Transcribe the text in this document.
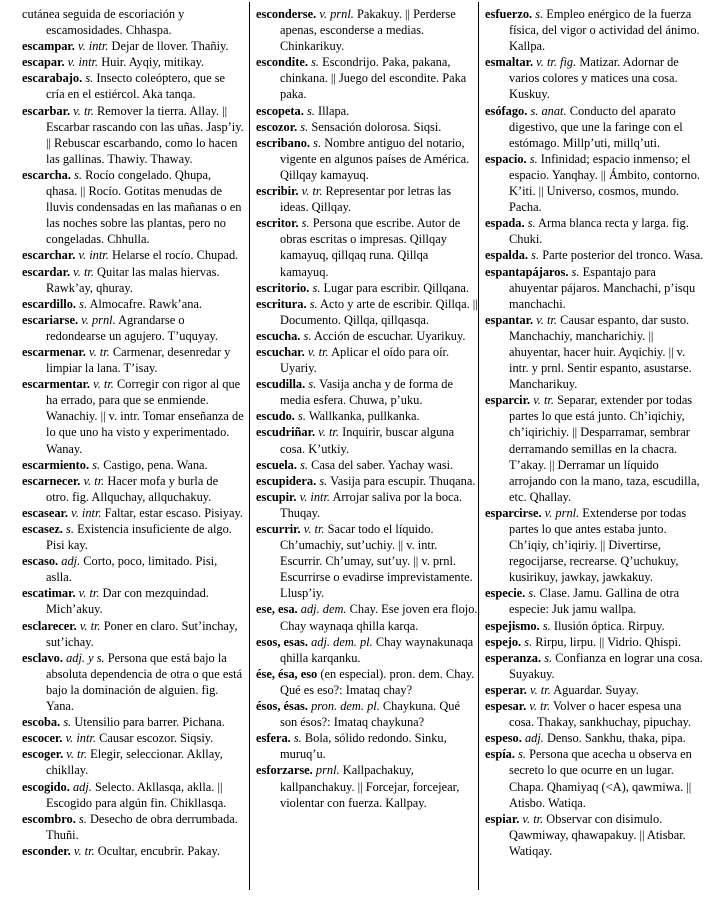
cutánea seguida de escoriación y escamosidades. Chhaspa.

escampar. v. intr. Dejar de llover. Thañiy.

escapar. v. intr. Huir. Ayqiy, mitikay.

escarabajo. s. Insecto coleóptero, que se cría en el estiércol. Aka tanqa.

escarbar. v. tr. Remover la tierra. Allay. || Escarbar rascando con las uñas. Jasp’iy. || Rebuscar escarbando, como lo hacen las gallinas. Thawiy. Thaway.

escarcha. s. Rocío congelado. Qhupa, qhasa. || Rocío. Gotitas menudas de lluvis condensadas en las mañanas o en las noches sobre las plantas, pero no congeladas. Chhulla.

escarchar. v. intr. Helarse el rocío. Chupad.

escardar. v. tr. Quitar las malas hiervas. Rawk’ay, qhuray.

escardillo. s. Almocafre. Rawk’ana.

escariarse. v. prnl. Agrandarse o redondearse un agujero. T’uquyay.

escarmenar. v. tr. Carmenar, desenredar y limpiar la lana. T’isay.

escarmentar. v. tr. Corregir con rigor al que ha errado, para que se enmiende. Wanachiy. || v. intr. Tomar enseñanza de lo que uno ha visto y experimentado. Wanay.

escarmiento. s. Castigo, pena. Wana.

escarnecer. v. tr. Hacer mofa y burla de otro. fig. Allquchay, allquchakuy.

escasear. v. intr. Faltar, estar escaso. Pisiyay.

escasez. s. Existencia insuficiente de algo. Pisi kay.

escaso. adj. Corto, poco, limitado. Pisi, aslla.

escatimar. v. tr. Dar con mezquindad. Mich’akuy.

esclarecer. v. tr. Poner en claro. Sut’inchay, sut’ichay.

esclavo. adj. y s. Persona que está bajo la absoluta dependencia de otra o que está bajo la dominación de alguien. fig. Yana.

escoba. s. Utensilio para barrer. Pichana.

escocer. v. intr. Causar escozor. Siqsiy.

escoger. v. tr. Elegir, seleccionar. Akllay, chikllay.

escogido. adj. Selecto. Akllasqa, aklla. || Escogido para algún fin. Chikllasqa.

escombro. s. Desecho de obra derrumbada. Thuñi.

esconder. v. tr. Ocultar, encubrir. Pakay.

esconderse. v. prnl. Pakakuy. || Perderse apenas, esconderse a medias. Chinkarikuy.

escondite. s. Escondrijo. Paka, pakana, chinkana. || Juego del escondite. Paka paka.

escopeta. s. Illapa.

escozor. s. Sensación dolorosa. Siqsi.

escribano. s. Nombre antiguo del notario, vigente en algunos países de América. Qillqay kamayuq.

escribir. v. tr. Representar por letras las ideas. Qillqay.

escritor. s. Persona que escribe. Autor de obras escritas o impresas. Qillqay kamayuq, qillqaq runa. Qillqa kamayuq.

escritorio. s. Lugar para escribir. Qillqana.

escritura. s. Acto y arte de escribir. Qillqa. || Documento. Qillqa, qillqasqa.

escucha. s. Acción de escuchar. Uyarikuy.

escuchar. v. tr. Aplicar el oído para oír. Uyariy.

escudilla. s. Vasija ancha y de forma de media esfera. Chuwa, p’uku.

escudo. s. Wallkanka, pullkanka.

escudriñar. v. tr. Inquirir, buscar alguna cosa. K’utkiy.

escuela. s. Casa del saber. Yachay wasi.

escupidera. s. Vasija para escupir. Thuqana.

escupir. v. intr. Arrojar saliva por la boca. Thuqay.

escurrir. v. tr. Sacar todo el líquido. Ch’umachiy, sut’uchiy. || v. intr. Escurrir. Ch’umay, sut’uy. || v. prnl. Escurrirse o evadirse imprevistamente. Llusp’iy.

ese, esa. adj. dem. Chay. Ese joven era flojo. Chay waynaqa qhilla karqa.

esos, esas. adj. dem. pl. Chay waynakunaqa qhilla karqanku.

ése, ésa, eso (en especial). pron. dem. Chay. Qué es eso?: Imataq chay?

ésos, ésas. pron. dem. pl. Chaykuna. Qué son ésos?: Imataq chaykuna?

esfera. s. Bola, sólido redondo. Sinku, muruq’u.

esforzarse. prnl. Kallpachakuy, kallpanchakuy. || Forcejar, forcejear, violentar con fuerza. Kallpay.

esfuerzo. s. Empleo enérgico de la fuerza física, del vigor o actividad del ánimo. Kallpa.

esmaltar. v. tr. fig. Matizar. Adornar de varios colores y matices una cosa. Kuskuy.

esófago. s. anat. Conducto del aparato digestivo, que une la faringe con el estómago. Millp’uti, millq’uti.

espacio. s. Infinidad; espacio inmenso; el espacio. Yanqhay. || Ámbito, contorno. K’iti. || Universo, cosmos, mundo. Pacha.

espada. s. Arma blanca recta y larga. fig. Chuki.

espalda. s. Parte posterior del tronco. Wasa.

espantapájaros. s. Espantajo para ahuyentar pájaros. Manchachi, p’isqu manchachi.

espantar. v. tr. Causar espanto, dar susto. Manchachiy, mancharichiy. || ahuyentar, hacer huir. Ayqichiy. || v. intr. y prnl. Sentir espanto, asustarse. Mancharikuy.

esparcir. v. tr. Separar, extender por todas partes lo que está junto. Ch’iqichiy, ch’iqirichiy. || Desparramar, sembrar derramando semillas en la chacra. T’akay. || Derramar un líquido arrojando con la mano, taza, escudilla, etc. Qhallay.

esparcirse. v. prnl. Extenderse por todas partes lo que antes estaba junto. Ch’iqiy, ch’iqiriy. || Divertirse, regocijarse, recrearse. Q’uchukuy, kusirikuy, jawkay, jawkakuy.

especie. s. Clase. Jamu. Gallina de otra especie: Juk jamu wallpa.

espejismo. s. Ilusión óptica. Rirpuy.

espejo. s. Rirpu, lirpu. || Vidrio. Qhispi.

esperanza. s. Confianza en lograr una cosa. Suyakuy.

esperar. v. tr. Aguardar. Suyay.

espesar. v. tr. Volver o hacer espesa una cosa. Thakay, sankhuchay, pipuchay.

espeso. adj. Denso. Sankhu, thaka, pipa.

espía. s. Persona que acecha u observa en secreto lo que ocurre en un lugar. Chapa. Qhamiyaq (<A), qawmiwa. || Atisbo. Watiqa.

espiar. v. tr. Observar con disimulo. Qawmiway, qhawapakuy. || Atisbar. Watiqay.
